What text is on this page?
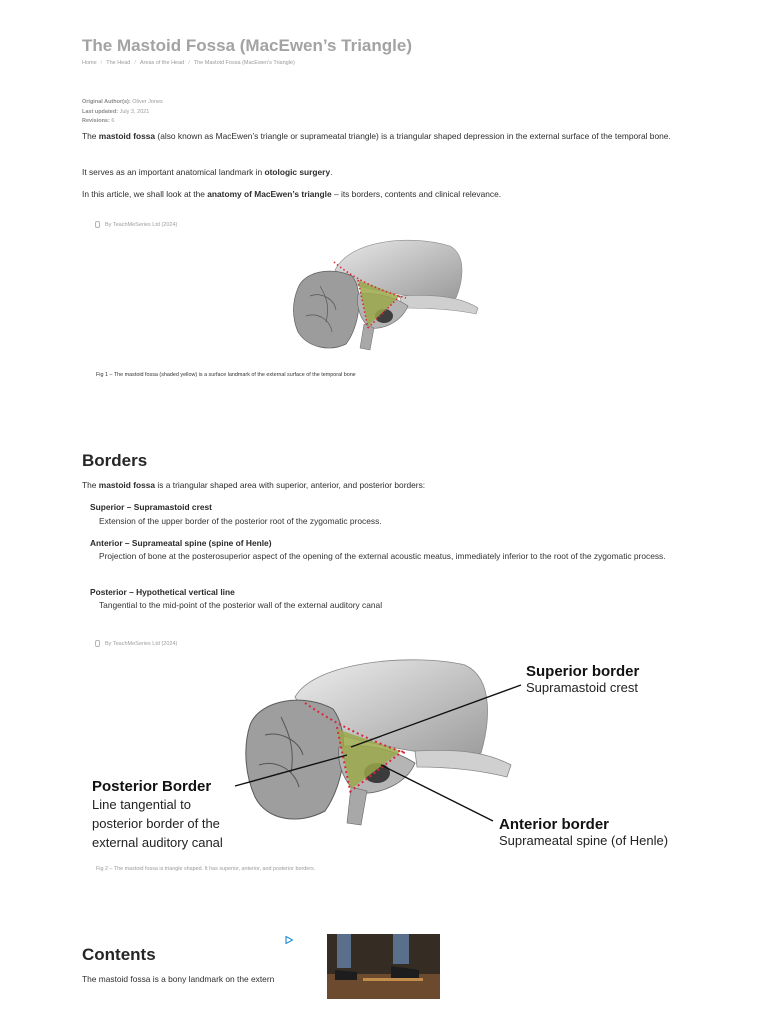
The Mastoid Fossa (MacEwen’s Triangle)
Home / The Head / Areas of the Head / The Mastoid Fossa (MacEwen’s Triangle)
Original Author(s): Oliver Jones
Last updated: July 3, 2021
Revisions: 6

The mastoid fossa (also known as MacEwen’s triangle or suprameatal triangle) is a triangular shaped depression in the external surface of the temporal bone.

It serves as an important anatomical landmark in otologic surgery.

In this article, we shall look at the anatomy of MacEwen’s triangle – its borders, contents and clinical relevance.

By TeachMeSeries Ltd (2024)
Fig 1 – The mastoid fossa (shaded yellow) is a surface landmark of the external surface of the temporal bone
Borders

The mastoid fossa is a triangular shaped area with superior, anterior, and posterior borders:

Superior – Supramastoid crest
Extension of the upper border of the posterior root of the zygomatic process.
Anterior – Suprameatal spine (spine of Henle)
Projection of bone at the posterosuperior aspect of the opening of the external acoustic meatus, immediately inferior to the root of the zygomatic process.
Posterior – Hypothetical vertical line
Tangential to the mid-point of the posterior wall of the external auditory canal
By TeachMeSeries Ltd (2024)
Superior border
Supramastoid crest
Posterior Border
Line tangential to
posterior border of the
external auditory canal
Anterior border
Suprameatal spine (of Henle)
Fig 2 – The mastoid fossa is triangle shaped. It has superior, anterior, and posterior borders.
Contents
The mastoid fossa is a bony landmark on the extern
